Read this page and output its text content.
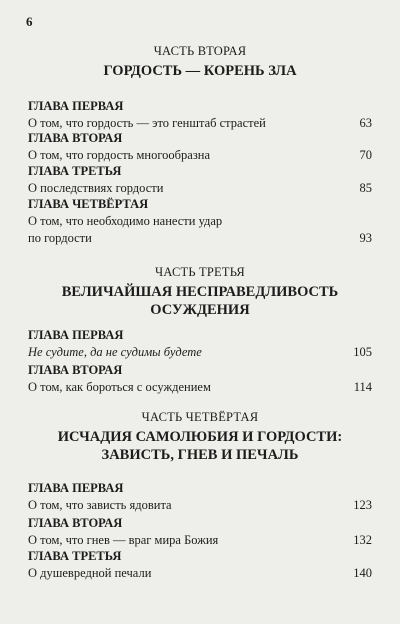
6
ЧАСТЬ ВТОРАЯ
ГОРДОСТЬ — КОРЕНЬ ЗЛА
ГЛАВА ПЕРВАЯ
О том, что гордость — это генштаб страстей	63
ГЛАВА ВТОРАЯ
О том, что гордость многообразна	70
ГЛАВА ТРЕТЬЯ
О последствиях гордости	85
ГЛАВА ЧЕТВЁРТАЯ
О том, что необходимо нанести удар
по гордости	93
ЧАСТЬ ТРЕТЬЯ
ВЕЛИЧАЙШАЯ НЕСПРАВЕДЛИВОСТЬ
ОСУЖДЕНИЯ
ГЛАВА ПЕРВАЯ
Не судите, да не судимы будете	105
ГЛАВА ВТОРАЯ
О том, как бороться с осуждением	114
ЧАСТЬ ЧЕТВЁРТАЯ
ИСЧАДИЯ САМОЛЮБИЯ И ГОРДОСТИ:
ЗАВИСТЬ, ГНЕВ И ПЕЧАЛЬ
ГЛАВА ПЕРВАЯ
О том, что зависть ядовита	123
ГЛАВА ВТОРАЯ
О том, что гнев — враг мира Божия	132
ГЛАВА ТРЕТЬЯ
О душевредной печали	140
